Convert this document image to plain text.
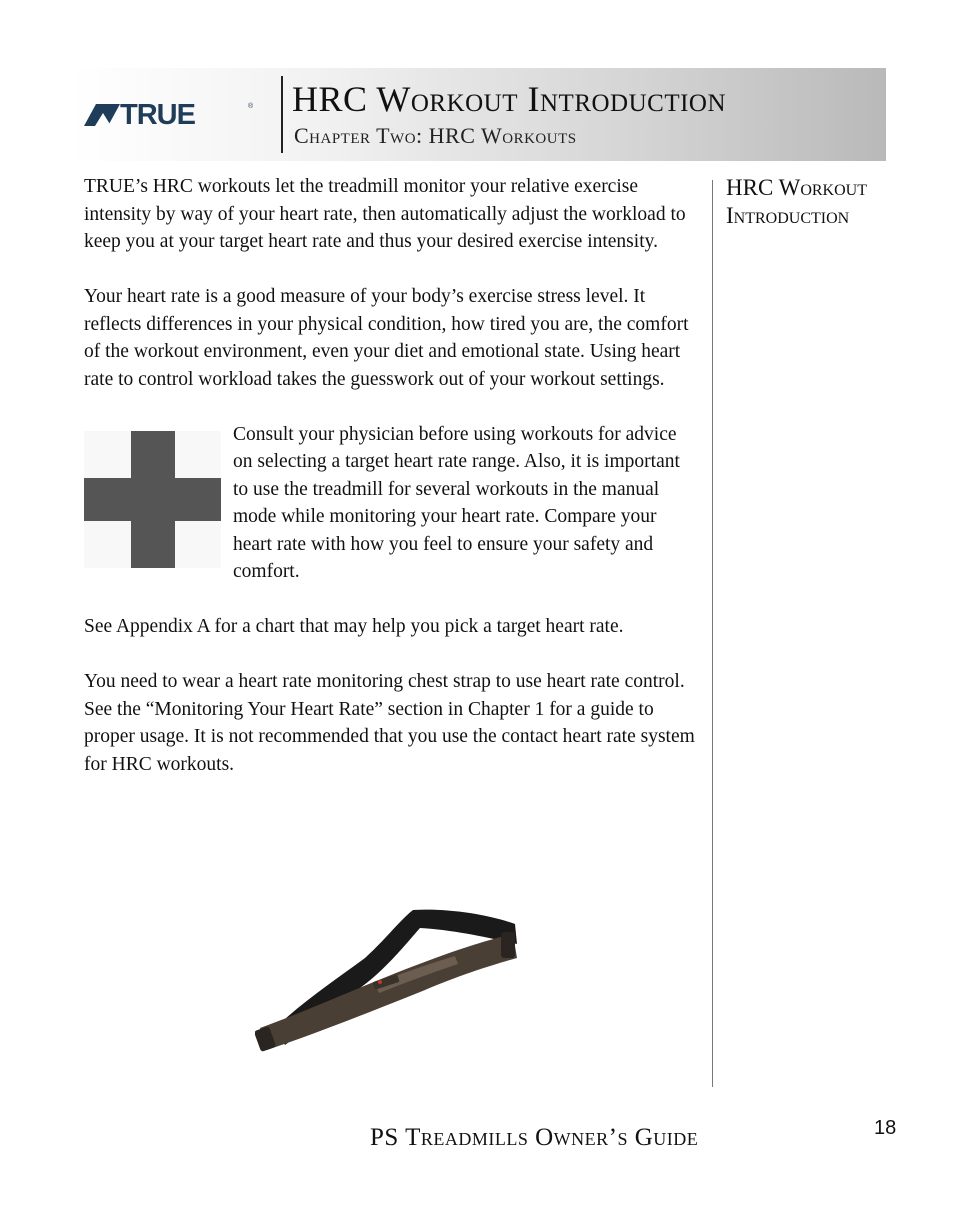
TRUE	® HRC Workout Introduction
Chapter Two: HRC Workouts

TRUE’s HRC workouts let the treadmill monitor your relative exercise intensity by way of your heart rate, then automatically adjust the workload to keep you at your target heart rate and thus your desired exercise intensity.

Your heart rate is a good measure of your body’s exercise stress level. It reflects differences in your physical condition, how tired you are, the comfort of the workout environment, even your diet and emotional state. Using heart rate to control workload takes the guesswork out of your workout settings.

Consult your physician before using workouts for advice on selecting a target heart rate range. Also, it is important to use the treadmill for several workouts in the manual mode while monitoring your heart rate. Compare your heart rate with how you feel to ensure your safety and comfort.

See Appendix A for a chart that may help you pick a target heart rate.

You need to wear a heart rate monitoring chest strap to use heart rate control. See the “Monitoring Your Heart Rate” section in Chapter 1 for a guide to proper usage. It is not recommended that you use the contact heart rate system for HRC workouts.

HRC Workout Introduction
PS Treadmills Owner’s Guide	18
